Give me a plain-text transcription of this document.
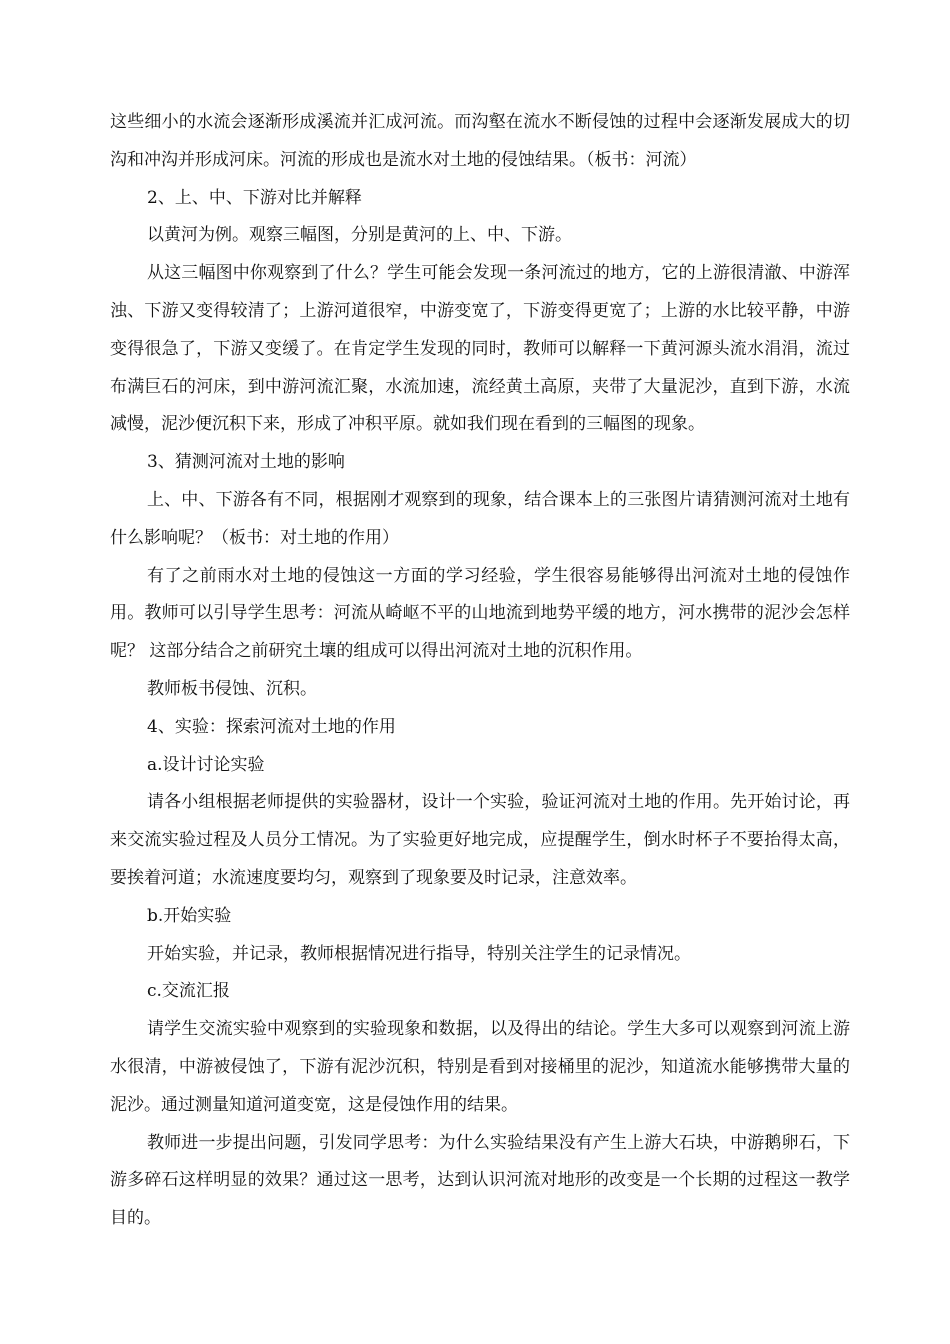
这些细小的水流会逐渐形成溪流并汇成河流。而沟壑在流水不断侵蚀的过程中会逐渐发展成大的切沟和冲沟并形成河床。河流的形成也是流水对土地的侵蚀结果。（板书：河流）

2、上、中、下游对比并解释

以黄河为例。观察三幅图，分别是黄河的上、中、下游。

从这三幅图中你观察到了什么？学生可能会发现一条河流过的地方，它的上游很清澈、中游浑浊、下游又变得较清了；上游河道很窄，中游变宽了，下游变得更宽了；上游的水比较平静，中游变得很急了，下游又变缓了。在肯定学生发现的同时，教师可以解释一下黄河源头流水涓涓，流过布满巨石的河床，到中游河流汇聚，水流加速，流经黄土高原，夹带了大量泥沙，直到下游，水流减慢，泥沙便沉积下来，形成了冲积平原。就如我们现在看到的三幅图的现象。

3、猜测河流对土地的影响

上、中、下游各有不同，根据刚才观察到的现象，结合课本上的三张图片请猜测河流对土地有什么影响呢？（板书：对土地的作用）

有了之前雨水对土地的侵蚀这一方面的学习经验，学生很容易能够得出河流对土地的侵蚀作用。教师可以引导学生思考：河流从崎岖不平的山地流到地势平缓的地方，河水携带的泥沙会怎样呢？ 这部分结合之前研究土壤的组成可以得出河流对土地的沉积作用。

教师板书侵蚀、沉积。

4、实验：探索河流对土地的作用

a.设计讨论实验

请各小组根据老师提供的实验器材，设计一个实验，验证河流对土地的作用。先开始讨论，再来交流实验过程及人员分工情况。为了实验更好地完成，应提醒学生，倒水时杯子不要抬得太高，要挨着河道；水流速度要均匀，观察到了现象要及时记录，注意效率。

b.开始实验

开始实验，并记录，教师根据情况进行指导，特别关注学生的记录情况。

c.交流汇报

请学生交流实验中观察到的实验现象和数据，以及得出的结论。学生大多可以观察到河流上游水很清，中游被侵蚀了，下游有泥沙沉积，特别是看到对接桶里的泥沙，知道流水能够携带大量的泥沙。通过测量知道河道变宽，这是侵蚀作用的结果。

教师进一步提出问题，引发同学思考：为什么实验结果没有产生上游大石块，中游鹅卵石，下游多碎石这样明显的效果？通过这一思考，达到认识河流对地形的改变是一个长期的过程这一教学目的。
